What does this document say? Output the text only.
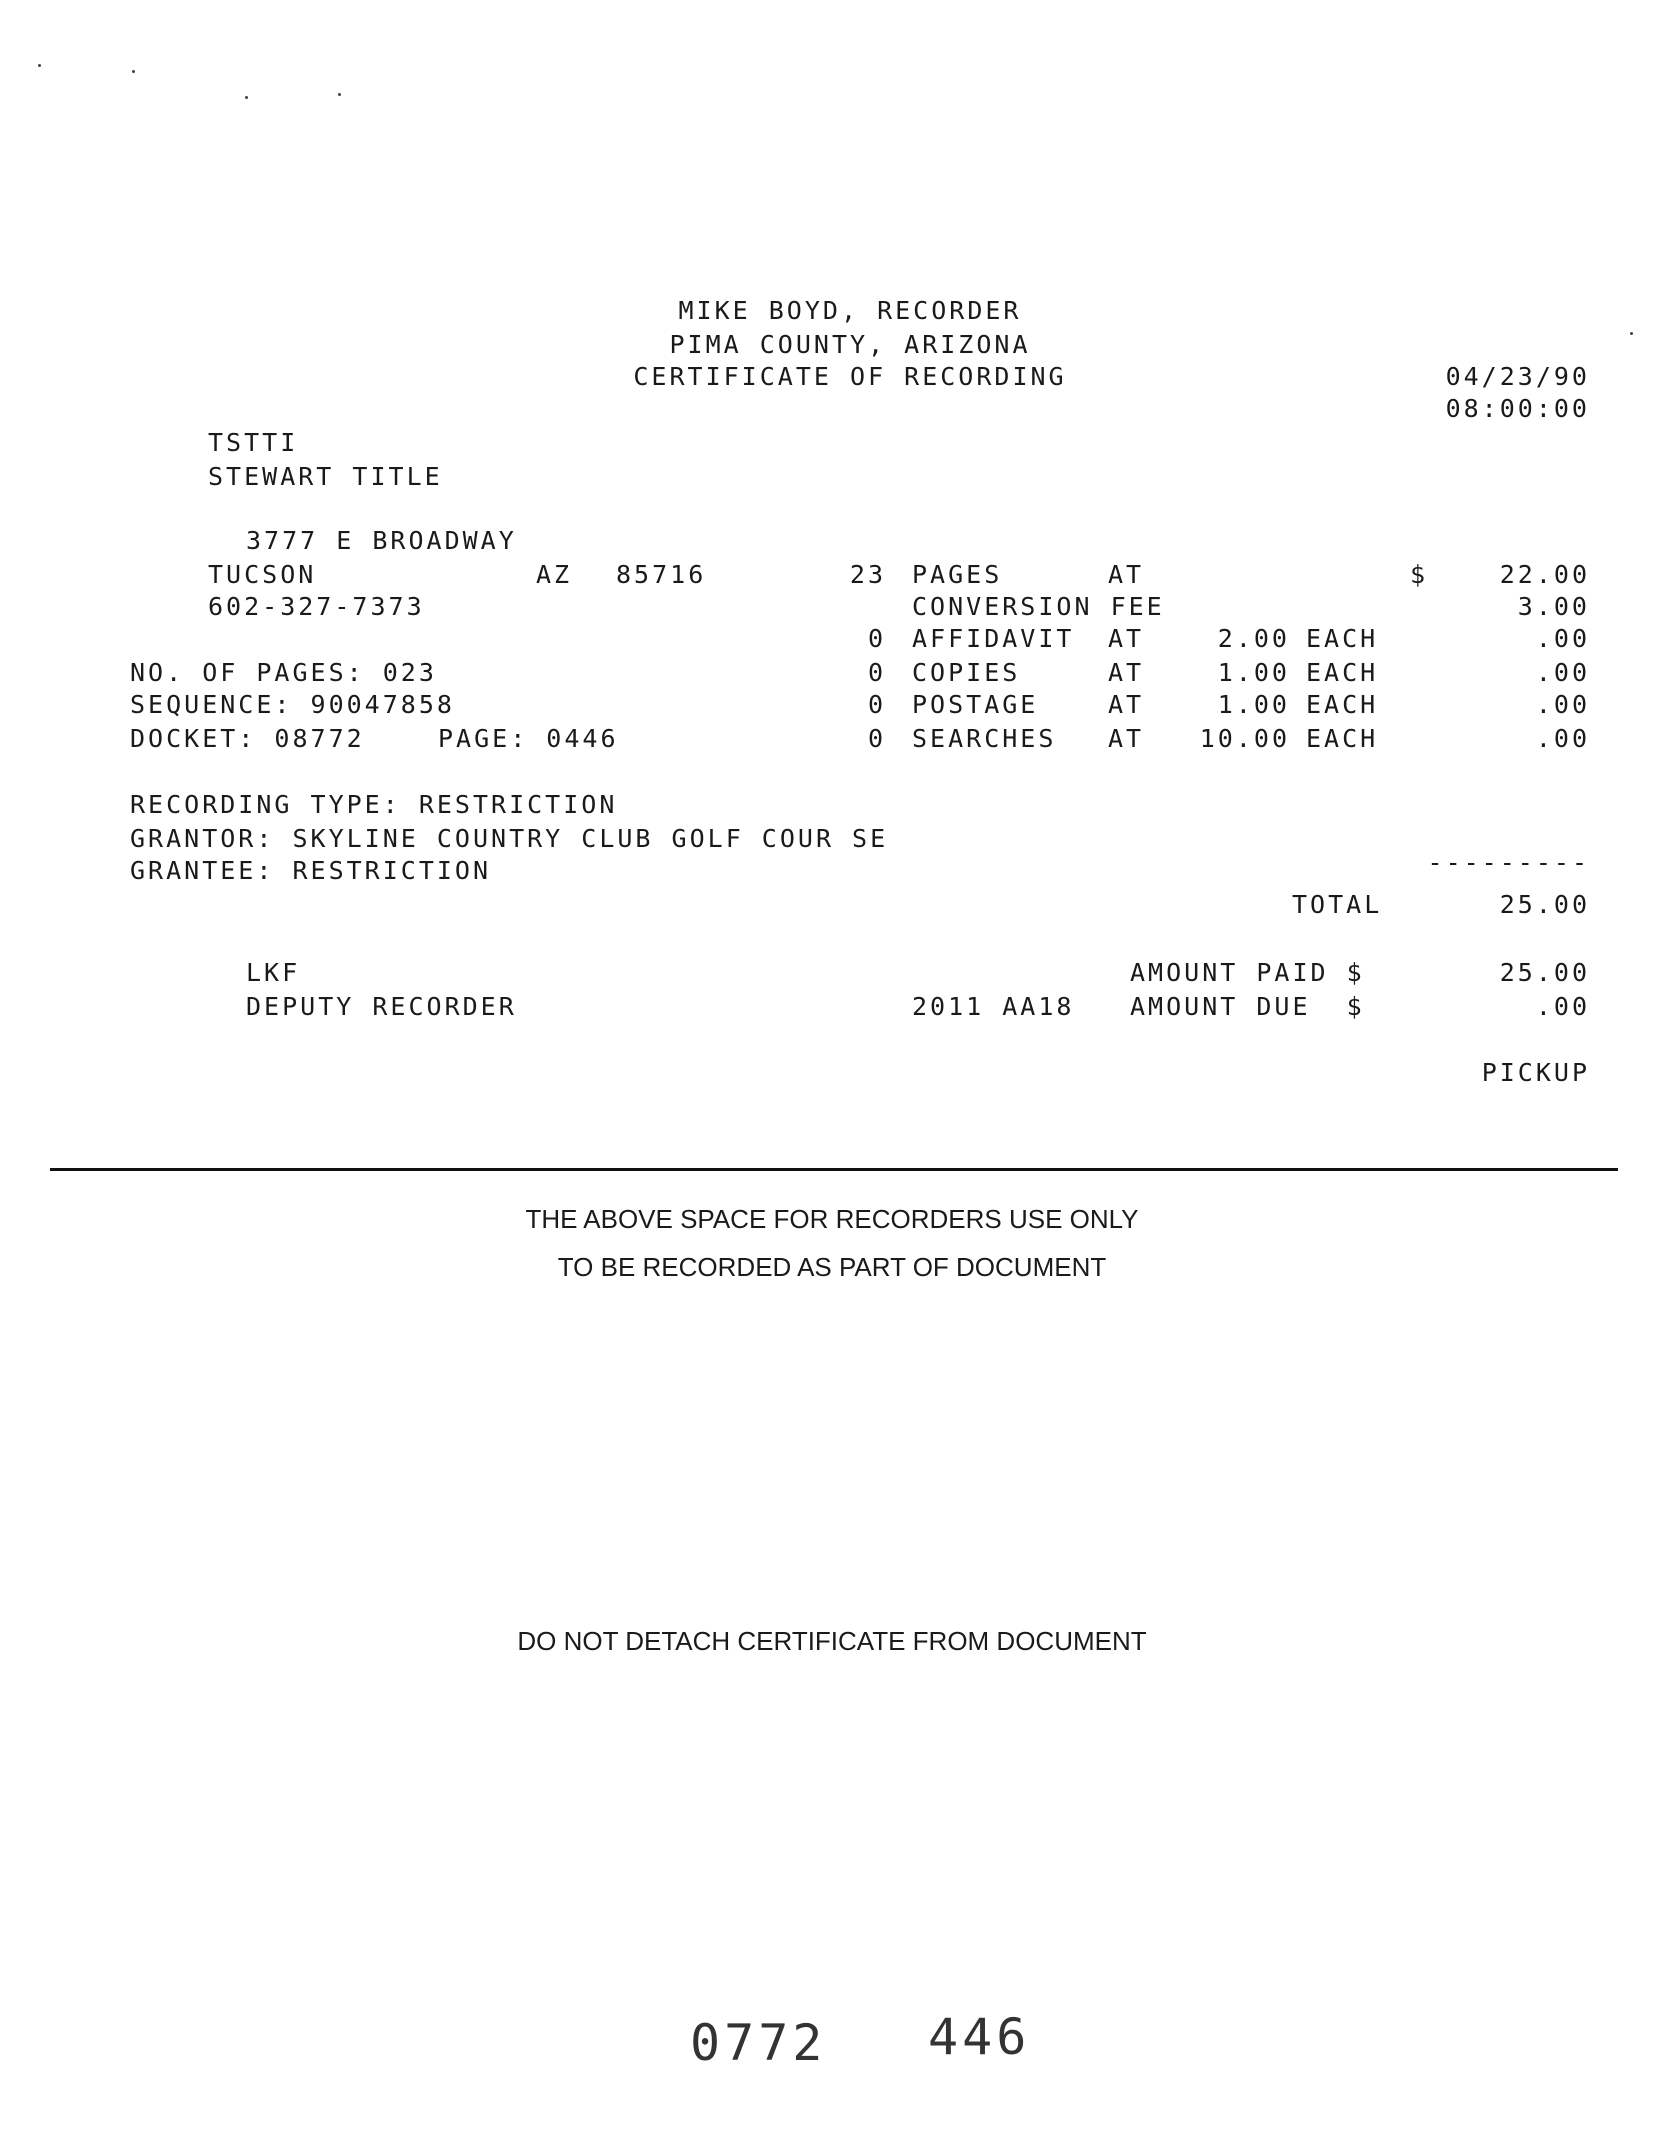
MIKE BOYD, RECORDER
PIMA COUNTY, ARIZONA
CERTIFICATE OF RECORDING	04/23/90
08:00:00
TSTTI
STEWART TITLE
3777 E BROADWAY
TUCSON	AZ 85716
602-327-7373
NO. OF PAGES: 023
SEQUENCE: 90047858
DOCKET: 08772	PAGE: 0446
23 PAGES	AT	$	22.00
CONVERSION FEE	3.00
0 AFFIDAVIT AT	2.00 EACH	.00
0 COPIES	AT	1.00 EACH	.00
0 POSTAGE	AT	1.00 EACH	.00
0 SEARCHES AT	10.00 EACH	.00
RECORDING TYPE: RESTRICTION
GRANTOR: SKYLINE COUNTRY CLUB GOLF COUR SE
GRANTEE: RESTRICTION	---------
TOTAL	25.00
LKF
DEPUTY RECORDER
AMOUNT PAID $	25.00
2011 AA18 AMOUNT DUE  $	.00
PICKUP
THE ABOVE SPACE FOR RECORDERS USE ONLY
TO BE RECORDED AS PART OF DOCUMENT
DO NOT DETACH CERTIFICATE FROM DOCUMENT
0772 446
